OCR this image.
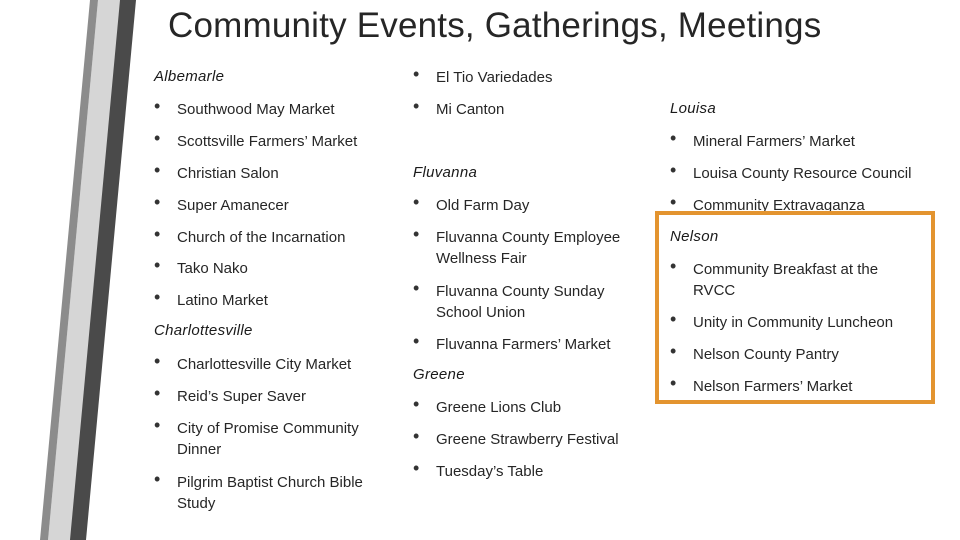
Community Events, Gatherings, Meetings
Albemarle
• Southwood May Market
• Scottsville Farmers’ Market
• Christian Salon
• Super Amanecer
• Church of the Incarnation
• Tako Nako
• Latino Market
Charlottesville
• Charlottesville City Market
• Reid’s Super Saver
• City of Promise Community Dinner
• Pilgrim Baptist Church Bible Study
• El Tio Variedades
• Mi Canton
Fluvanna
• Old Farm Day
• Fluvanna County Employee Wellness Fair
• Fluvanna County Sunday School Union
• Fluvanna Farmers’ Market
Greene
• Greene Lions Club
• Greene Strawberry Festival
• Tuesday’s Table
Louisa
• Mineral Farmers’ Market
• Louisa County Resource Council
• Community Extravaganza
Nelson
• Community Breakfast at the RVCC
• Unity in Community Luncheon
• Nelson County Pantry
• Nelson Farmers’ Market
